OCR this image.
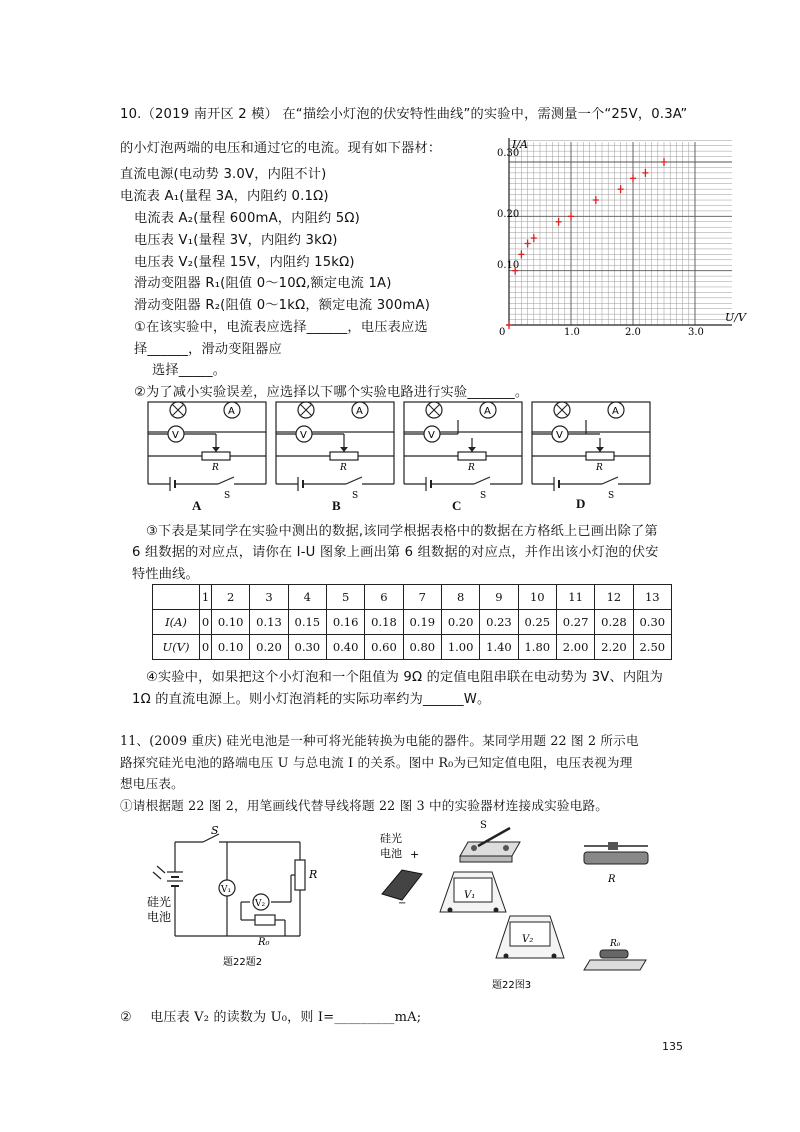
10.（2019 南开区 2 模） 在“描绘小灯泡的伏安特性曲线”的实验中，需测量一个“25V，0.3A”
的小灯泡两端的电压和通过它的电流。现有如下器材：
直流电源(电动势 3.0V，内阻不计)
电流表 A₁(量程 3A，内阻约 0.1Ω)
电流表 A₂(量程 600mA，内阻约 5Ω)
电压表 V₁(量程 3V，内阻约 3kΩ)
电压表 V₂(量程 15V，内阻约 15kΩ)
滑动变阻器 R₁(阻值 0～10Ω,额定电流 1A)
滑动变阻器 R₂(阻值 0～1kΩ，额定电流 300mA)
①在该实验中，电流表应选择______，电压表应选
择______，滑动变阻器应
选择_____。
②为了减小实验误差，应选择以下哪个实验电路进行实验_______。
0.30
0.20
0.10
0	1.0	2.0	3.0
I/A
U/V
A	B	C	D
③下表是某同学在实验中测出的数据,该同学根据表格中的数据在方格纸上已画出除了第
6 组数据的对应点，请你在 I-U 图象上画出第 6 组数据的对应点，并作出该小灯泡的伏安
特性曲线。
	1	2	3	4	5	6	7	8	9	10	11	12	13
I(A)	0	0.10	0.13	0.15	0.16	0.18	0.19	0.20	0.23	0.25	0.27	0.28	0.30
U(V)	0	0.10	0.20	0.30	0.40	0.60	0.80	1.00	1.40	1.80	2.00	2.20	2.50
④实验中，如果把这个小灯泡和一个阻值为 9Ω 的定值电阻串联在电动势为 3V、内阻为
1Ω 的直流电源上。则小灯泡消耗的实际功率约为______W。
11、(2009 重庆) 硅光电池是一种可将光能转换为电能的器件。某同学用题 22 图 2 所示电
路探究硅光电池的路端电压 U 与总电流 I 的关系。图中 R₀为已知定值电阻，电压表视为理
想电压表。
①请根据题 22 图 2，用笔画线代替导线将题 22 图 3 中的实验器材连接成实验电路。
S
R
V₁
V₂
R₀
硅光
电池
题22题2
S
硅光
电池 +
−
V₁
V₂
R
R₀
题22图3
② 电压表 V₂ 的读数为 U₀，则 I=_________mA;
135
